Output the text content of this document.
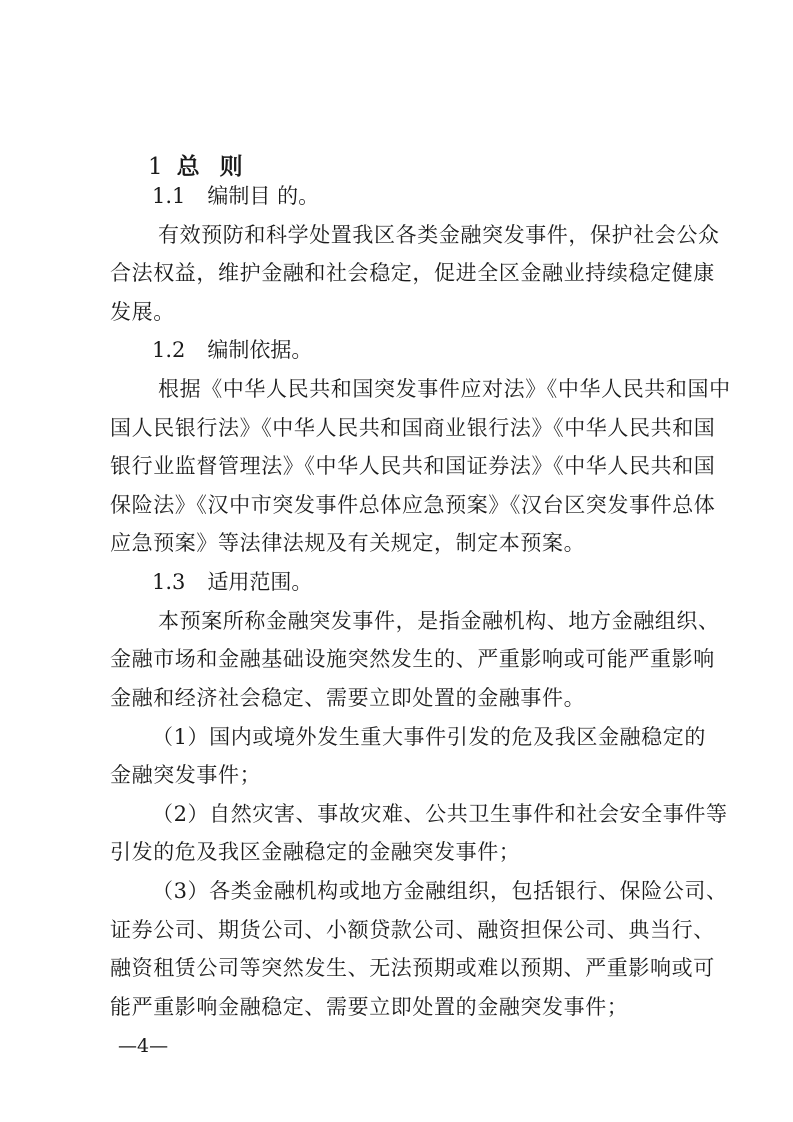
1 总 则
1.1 编制目 的。
有效预防和科学处置我区各类金融突发事件，保护社会公众
合法权益，维护金融和社会稳定，促进全区金融业持续稳定健康
发展。
1.2 编制依据。
根据《中华人民共和国突发事件应对法》《中华人民共和国中
国人民银行法》《中华人民共和国商业银行法》《中华人民共和国
银行业监督管理法》《中华人民共和国证券法》《中华人民共和国
保险法》《汉中市突发事件总体应急预案》《汉台区突发事件总体
应急预案》等法律法规及有关规定，制定本预案。
1.3 适用范围。
本预案所称金融突发事件，是指金融机构、地方金融组织、
金融市场和金融基础设施突然发生的、严重影响或可能严重影响
金融和经济社会稳定、需要立即处置的金融事件。
（1）国内或境外发生重大事件引发的危及我区金融稳定的
金融突发事件；
（2）自然灾害、事故灾难、公共卫生事件和社会安全事件等
引发的危及我区金融稳定的金融突发事件；
（3）各类金融机构或地方金融组织，包括银行、保险公司、
证券公司、期货公司、小额贷款公司、融资担保公司、典当行、
融资租赁公司等突然发生、无法预期或难以预期、严重影响或可
能严重影响金融稳定、需要立即处置的金融突发事件；
—4—
